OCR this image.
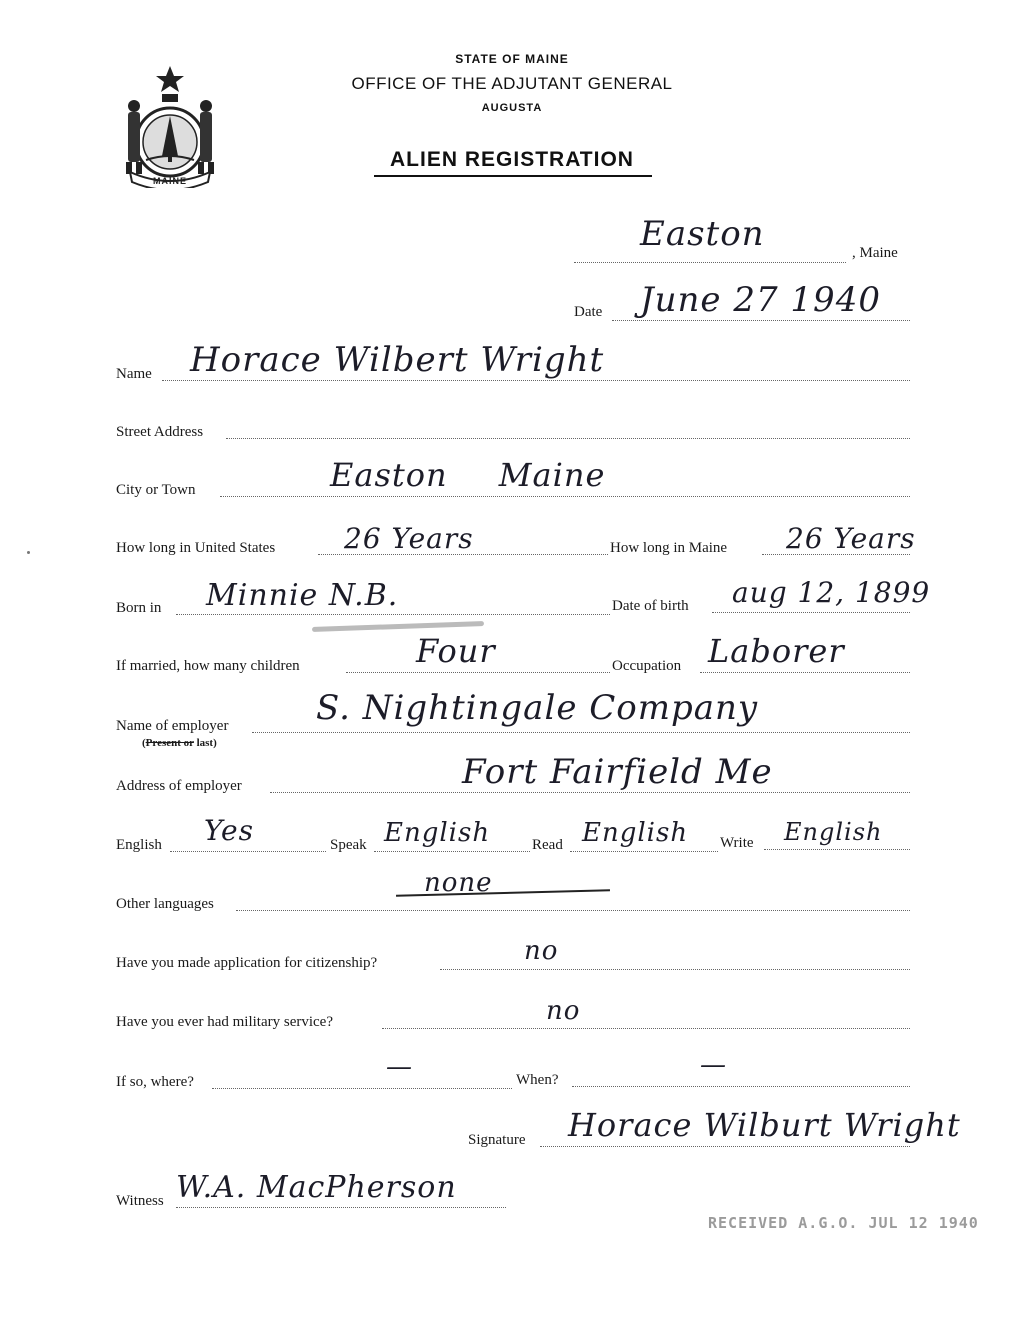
MAINE
STATE OF MAINE
OFFICE OF THE ADJUTANT GENERAL
AUGUSTA
ALIEN REGISTRATION
Easton	, Maine
Date June 27 1940
Name Horace Wilbert Wright
Street Address
City or Town	Easton Maine
How long in United States 26 Years	How long in Maine 26 Years
Born in Minnie N.B.	Date of birth aug 12, 1899
If married, how many children	Four	Occupation Laborer
Name of employer
(Present or last)
S. Nightingale Company
Address of employer	Fort Fairfield Me
English Yes	Speak English	Read English Write English
Other languages
none
Have you made application for citizenship?	no
Have you ever had military service?	no
If so, where?	—	When?	—
Signature Horace Wilburt Wright
Witness W.A. MacPherson
RECEIVED A.G.O. JUL 12 1940
